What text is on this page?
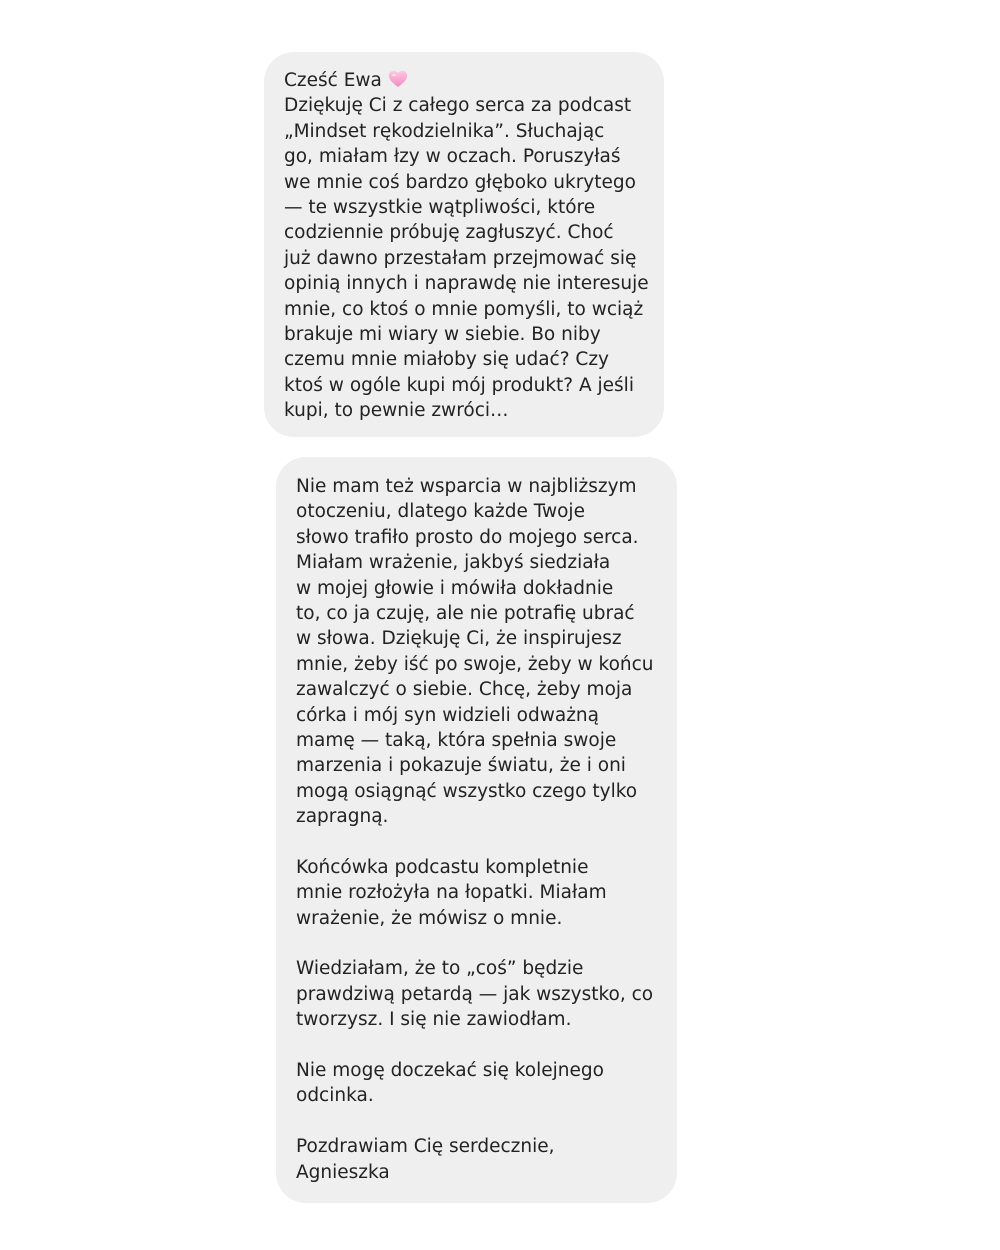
Cześć Ewa
Dziękuję Ci z całego serca za podcast
„Mindset rękodzielnika”. Słuchając
go, miałam łzy w oczach. Poruszyłaś
we mnie coś bardzo głęboko ukrytego
— te wszystkie wątpliwości, które
codziennie próbuję zagłuszyć. Choć
już dawno przestałam przejmować się
opinią innych i naprawdę nie interesuje
mnie, co ktoś o mnie pomyśli, to wciąż
brakuje mi wiary w siebie. Bo niby
czemu mnie miałoby się udać? Czy
ktoś w ogóle kupi mój produkt? A jeśli
kupi, to pewnie zwróci…
Nie mam też wsparcia w najbliższym
otoczeniu, dlatego każde Twoje
słowo trafiło prosto do mojego serca.
Miałam wrażenie, jakbyś siedziała
w mojej głowie i mówiła dokładnie
to, co ja czuję, ale nie potrafię ubrać
w słowa. Dziękuję Ci, że inspirujesz
mnie, żeby iść po swoje, żeby w końcu
zawalczyć o siebie. Chcę, żeby moja
córka i mój syn widzieli odważną
mamę — taką, która spełnia swoje
marzenia i pokazuje światu, że i oni
mogą osiągnąć wszystko czego tylko
zapragną.
Końcówka podcastu kompletnie
mnie rozłożyła na łopatki. Miałam
wrażenie, że mówisz o mnie.
Wiedziałam, że to „coś” będzie
prawdziwą petardą — jak wszystko, co
tworzysz. I się nie zawiodłam.
Nie mogę doczekać się kolejnego
odcinka.
Pozdrawiam Cię serdecznie,
Agnieszka
